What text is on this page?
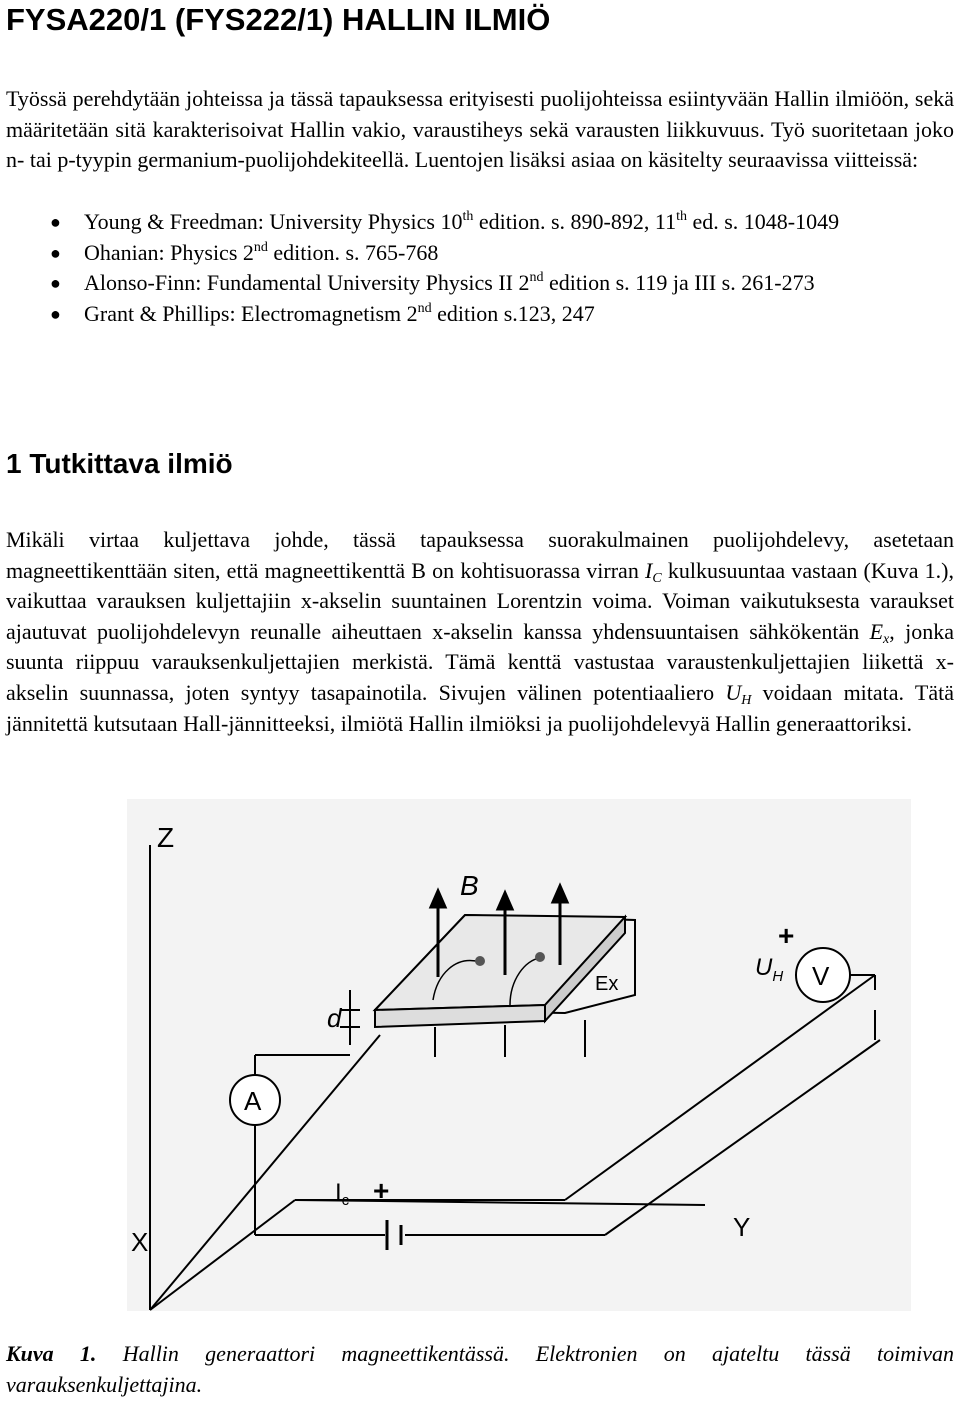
FYSA220/1 (FYS222/1) HALLIN ILMIÖ

Työssä perehdytään johteissa ja tässä tapauksessa erityisesti puolijohteissa esiintyvään Hallin ilmiöön, sekä määritetään sitä karakterisoivat Hallin vakio, varaustiheys sekä varausten liikkuvuus. Työ suoritetaan joko n- tai p-tyypin germanium-puolijohdekiteellä. Luentojen lisäksi asiaa on käsitelty seuraavissa viitteissä:

● Young & Freedman: University Physics 10th edition. s. 890-892, 11th ed. s. 1048-1049
● Ohanian: Physics 2nd edition. s. 765-768
● Alonso-Finn: Fundamental University Physics II 2nd edition s. 119 ja III s. 261-273
● Grant & Phillips: Electromagnetism 2nd edition s.123, 247
1 Tutkittava ilmiö

Mikäli virtaa kuljettava johde, tässä tapauksessa suorakulmainen puolijohdelevy, asetetaan magneettikenttään siten, että magneettikenttä B on kohtisuorassa virran $I_C$ kulkusuuntaa vastaan (Kuva 1.), vaikuttaa varauksen kuljettajiin x-akselin suuntainen Lorentzin voima. Voiman vaikutuksesta varaukset ajautuvat puolijohdelevyn reunalle aiheuttaen x-akselin kanssa yhdensuuntaisen sähkökentän $E_x$, jonka suunta riippuu varauksenkuljettajien merkistä. Tämä kenttä vastustaa varaustenkuljettajien liikettä x-akselin suunnassa, joten syntyy tasapainotila. Sivujen välinen potentiaaliero $U_H$ voidaan mitata. Tätä jännitettä kutsutaan Hall-jännitteeksi, ilmiötä Hallin ilmiöksi ja puolijohdelevyä Hallin generaattoriksi.

Z
X	Y
B
Ex
$U_H$ V
A
d
$I_c$ +
+

Kuva 1. Hallin generaattori magneettikentässä. Elektronien on ajateltu tässä toimivan varauksenkuljettajina.
